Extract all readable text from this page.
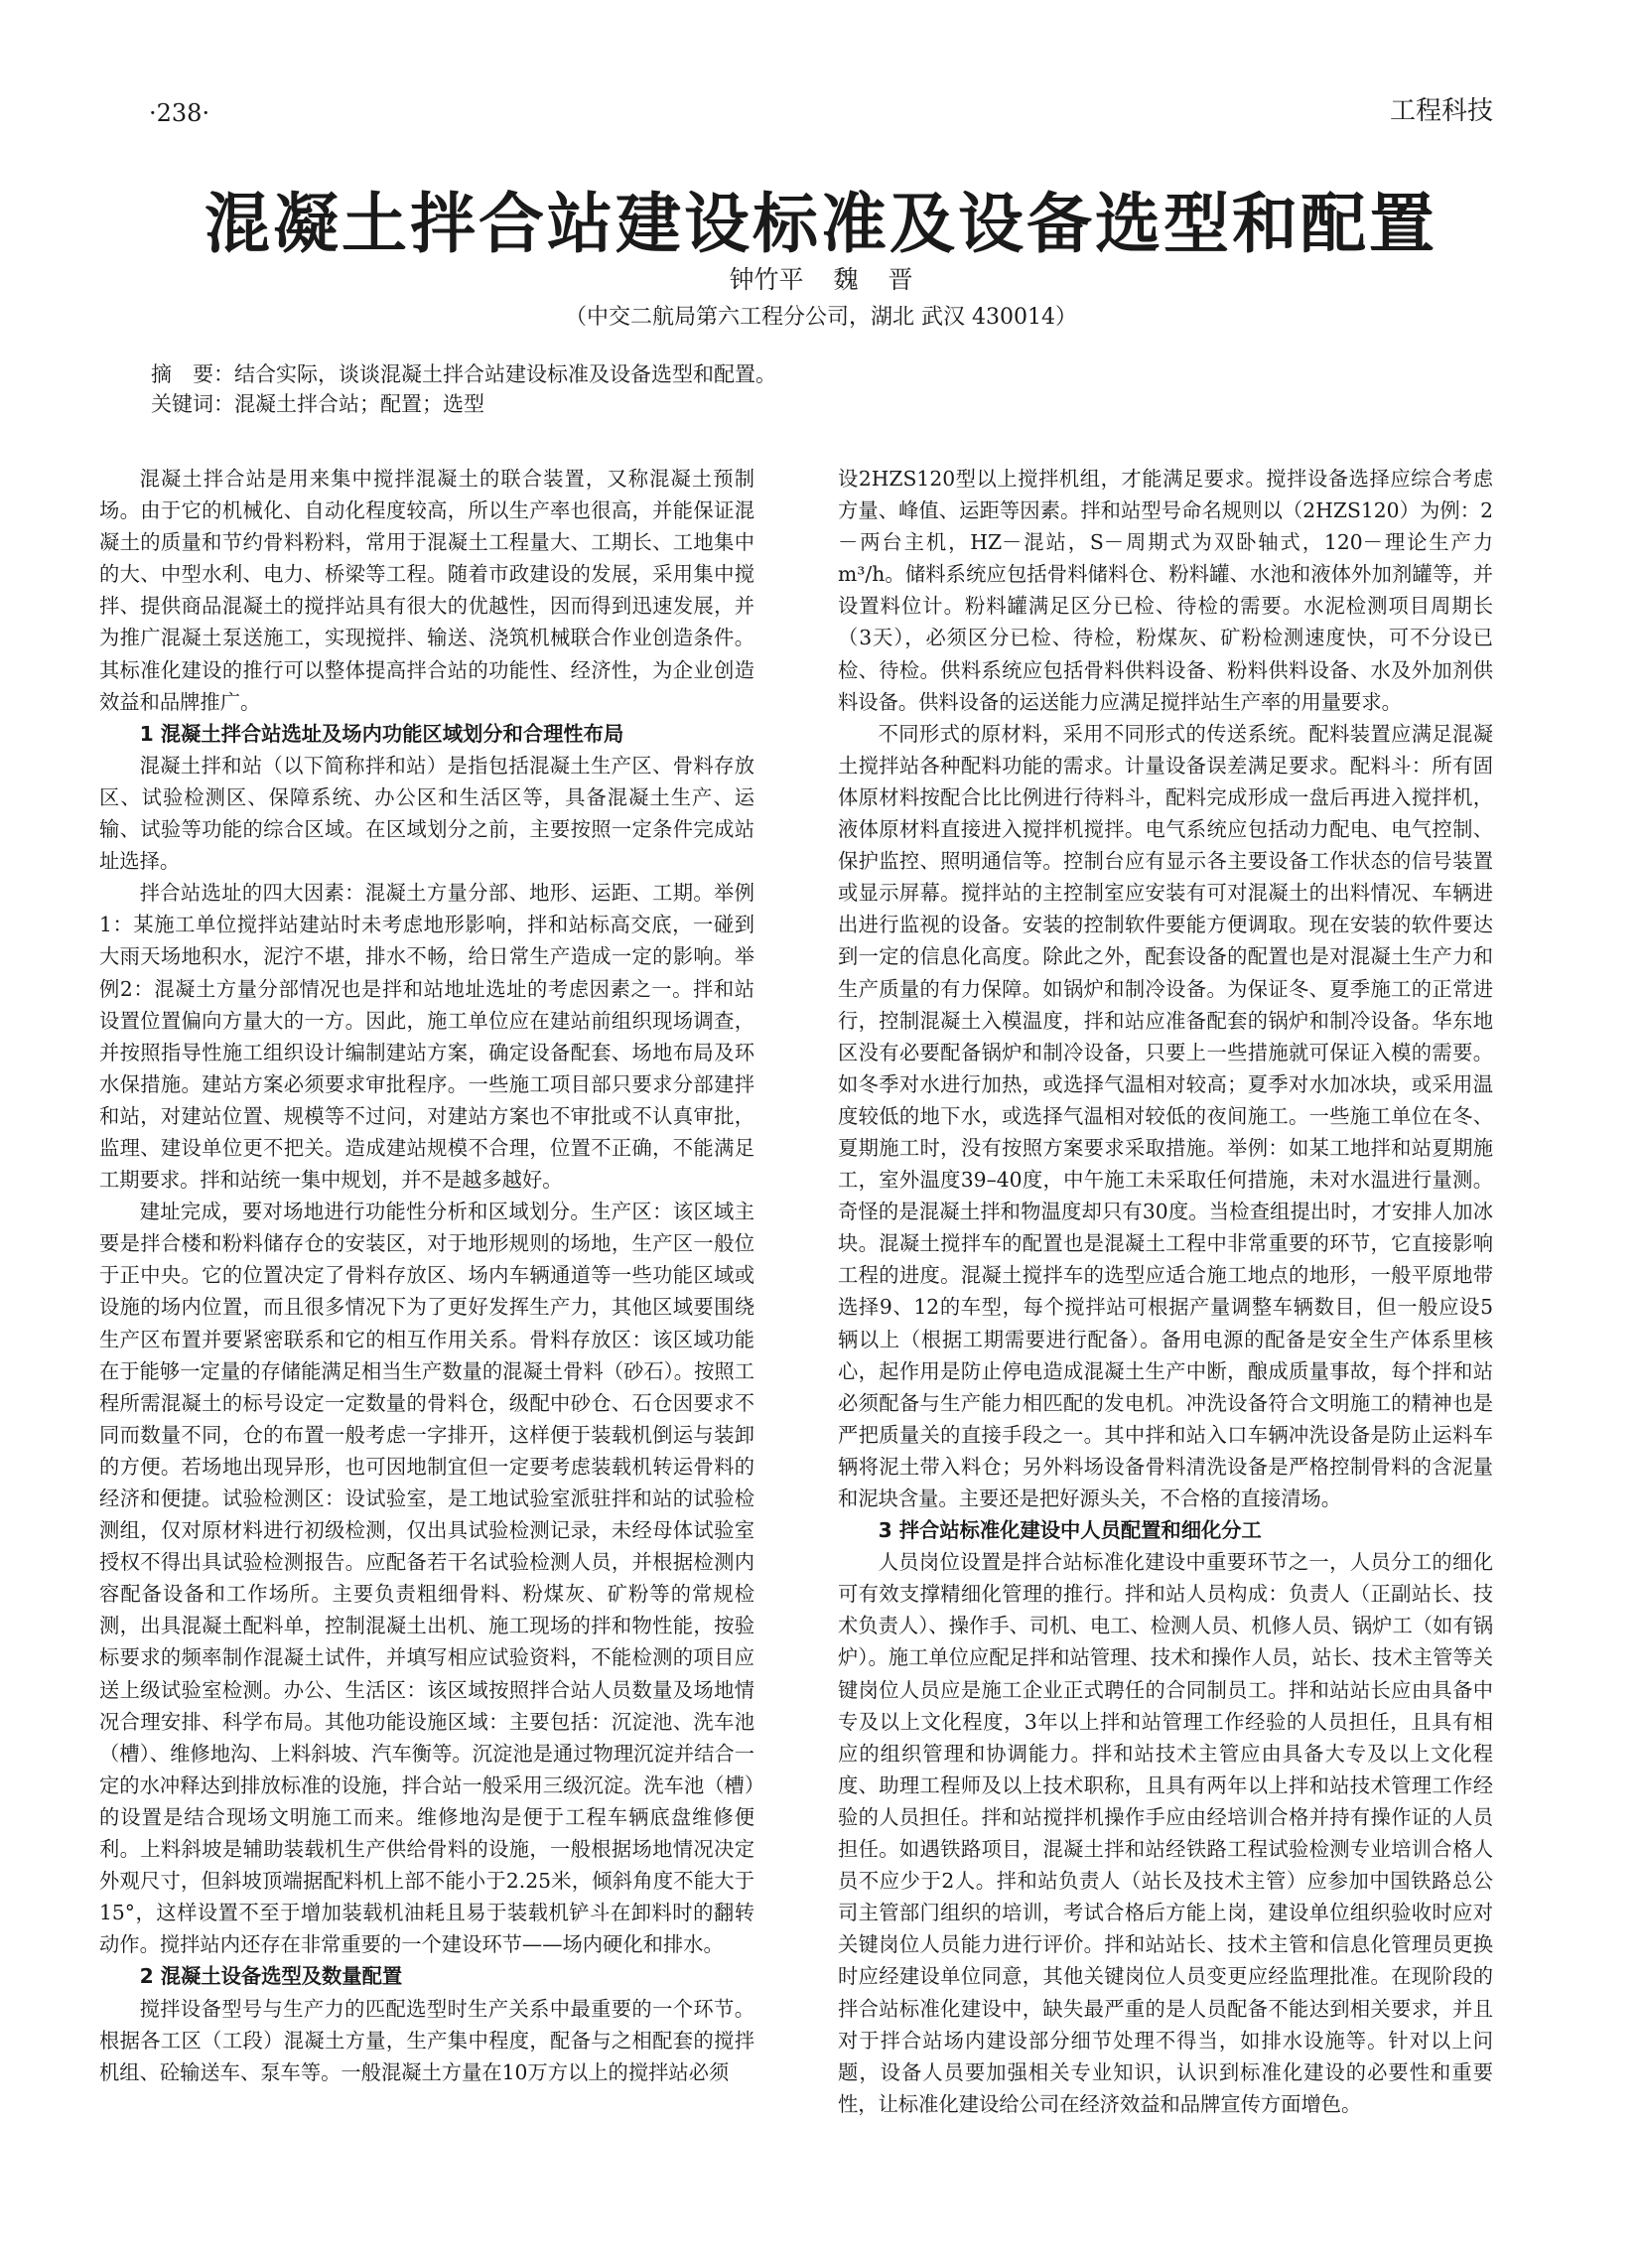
·238·	工程科技
混凝土拌合站建设标准及设备选型和配置
钟竹平 魏 晋
（中交二航局第六工程分公司，湖北 武汉 430014）
摘　要：结合实际，谈谈混凝土拌合站建设标准及设备选型和配置。
关键词：混凝土拌合站；配置；选型

混凝土拌合站是用来集中搅拌混凝土的联合装置，又称混凝土预制场。由于它的机械化、自动化程度较高，所以生产率也很高，并能保证混凝土的质量和节约骨料粉料，常用于混凝土工程量大、工期长、工地集中的大、中型水利、电力、桥梁等工程。随着市政建设的发展，采用集中搅拌、提供商品混凝土的搅拌站具有很大的优越性，因而得到迅速发展，并为推广混凝土泵送施工，实现搅拌、输送、浇筑机械联合作业创造条件。其标准化建设的推行可以整体提高拌合站的功能性、经济性，为企业创造效益和品牌推广。

1 混凝土拌合站选址及场内功能区域划分和合理性布局

混凝土拌和站（以下简称拌和站）是指包括混凝土生产区、骨料存放区、试验检测区、保障系统、办公区和生活区等，具备混凝土生产、运输、试验等功能的综合区域。在区域划分之前，主要按照一定条件完成站址选择。

拌合站选址的四大因素：混凝土方量分部、地形、运距、工期。举例1：某施工单位搅拌站建站时未考虑地形影响，拌和站标高交底，一碰到大雨天场地积水，泥泞不堪，排水不畅，给日常生产造成一定的影响。举例2：混凝土方量分部情况也是拌和站地址选址的考虑因素之一。拌和站设置位置偏向方量大的一方。因此，施工单位应在建站前组织现场调查，并按照指导性施工组织设计编制建站方案，确定设备配套、场地布局及环水保措施。建站方案必须要求审批程序。一些施工项目部只要求分部建拌和站，对建站位置、规模等不过问，对建站方案也不审批或不认真审批，监理、建设单位更不把关。造成建站规模不合理，位置不正确，不能满足工期要求。拌和站统一集中规划，并不是越多越好。

建址完成，要对场地进行功能性分析和区域划分。生产区：该区域主要是拌合楼和粉料储存仓的安装区，对于地形规则的场地，生产区一般位于正中央。它的位置决定了骨料存放区、场内车辆通道等一些功能区域或设施的场内位置，而且很多情况下为了更好发挥生产力，其他区域要围绕生产区布置并要紧密联系和它的相互作用关系。骨料存放区：该区域功能在于能够一定量的存储能满足相当生产数量的混凝土骨料（砂石）。按照工程所需混凝土的标号设定一定数量的骨料仓，级配中砂仓、石仓因要求不同而数量不同，仓的布置一般考虑一字排开，这样便于装载机倒运与装卸的方便。若场地出现异形，也可因地制宜但一定要考虑装载机转运骨料的经济和便捷。试验检测区：设试验室，是工地试验室派驻拌和站的试验检测组，仅对原材料进行初级检测，仅出具试验检测记录，未经母体试验室授权不得出具试验检测报告。应配备若干名试验检测人员，并根据检测内容配备设备和工作场所。主要负责粗细骨料、粉煤灰、矿粉等的常规检测，出具混凝土配料单，控制混凝土出机、施工现场的拌和物性能，按验标要求的频率制作混凝土试件，并填写相应试验资料，不能检测的项目应送上级试验室检测。办公、生活区：该区域按照拌合站人员数量及场地情况合理安排、科学布局。其他功能设施区域：主要包括：沉淀池、洗车池（槽）、维修地沟、上料斜坡、汽车衡等。沉淀池是通过物理沉淀并结合一定的水冲释达到排放标准的设施，拌合站一般采用三级沉淀。洗车池（槽）的设置是结合现场文明施工而来。维修地沟是便于工程车辆底盘维修便利。上料斜坡是辅助装载机生产供给骨料的设施，一般根据场地情况决定外观尺寸，但斜坡顶端据配料机上部不能小于2.25米，倾斜角度不能大于15°，这样设置不至于增加装载机油耗且易于装载机铲斗在卸料时的翻转动作。搅拌站内还存在非常重要的一个建设环节——场内硬化和排水。

2 混凝土设备选型及数量配置

搅拌设备型号与生产力的匹配选型时生产关系中最重要的一个环节。根据各工区（工段）混凝土方量，生产集中程度，配备与之相配套的搅拌机组、砼输送车、泵车等。一般混凝土方量在10万方以上的搅拌站必须

设2HZS120型以上搅拌机组，才能满足要求。搅拌设备选择应综合考虑方量、峰值、运距等因素。拌和站型号命名规则以（2HZS120）为例：2－两台主机，HZ－混站，S－周期式为双卧轴式，120－理论生产力m³/h。储料系统应包括骨料储料仓、粉料罐、水池和液体外加剂罐等，并设置料位计。粉料罐满足区分已检、待检的需要。水泥检测项目周期长（3天），必须区分已检、待检，粉煤灰、矿粉检测速度快，可不分设已检、待检。供料系统应包括骨料供料设备、粉料供料设备、水及外加剂供料设备。供料设备的运送能力应满足搅拌站生产率的用量要求。

不同形式的原材料，采用不同形式的传送系统。配料装置应满足混凝土搅拌站各种配料功能的需求。计量设备误差满足要求。配料斗：所有固体原材料按配合比比例进行待料斗，配料完成形成一盘后再进入搅拌机，液体原材料直接进入搅拌机搅拌。电气系统应包括动力配电、电气控制、保护监控、照明通信等。控制台应有显示各主要设备工作状态的信号装置或显示屏幕。搅拌站的主控制室应安装有可对混凝土的出料情况、车辆进出进行监视的设备。安装的控制软件要能方便调取。现在安装的软件要达到一定的信息化高度。除此之外，配套设备的配置也是对混凝土生产力和生产质量的有力保障。如锅炉和制冷设备。为保证冬、夏季施工的正常进行，控制混凝土入模温度，拌和站应准备配套的锅炉和制冷设备。华东地区没有必要配备锅炉和制冷设备，只要上一些措施就可保证入模的需要。如冬季对水进行加热，或选择气温相对较高；夏季对水加冰块，或采用温度较低的地下水，或选择气温相对较低的夜间施工。一些施工单位在冬、夏期施工时，没有按照方案要求采取措施。举例：如某工地拌和站夏期施工，室外温度39–40度，中午施工未采取任何措施，未对水温进行量测。奇怪的是混凝土拌和物温度却只有30度。当检查组提出时，才安排人加冰块。混凝土搅拌车的配置也是混凝土工程中非常重要的环节，它直接影响工程的进度。混凝土搅拌车的选型应适合施工地点的地形，一般平原地带选择9、12的车型，每个搅拌站可根据产量调整车辆数目，但一般应设5辆以上（根据工期需要进行配备）。备用电源的配备是安全生产体系里核心，起作用是防止停电造成混凝土生产中断，酿成质量事故，每个拌和站必须配备与生产能力相匹配的发电机。冲洗设备符合文明施工的精神也是严把质量关的直接手段之一。其中拌和站入口车辆冲洗设备是防止运料车辆将泥土带入料仓；另外料场设备骨料清洗设备是严格控制骨料的含泥量和泥块含量。主要还是把好源头关，不合格的直接清场。

3 拌合站标准化建设中人员配置和细化分工

人员岗位设置是拌合站标准化建设中重要环节之一，人员分工的细化可有效支撑精细化管理的推行。拌和站人员构成：负责人（正副站长、技术负责人）、操作手、司机、电工、检测人员、机修人员、锅炉工（如有锅炉）。施工单位应配足拌和站管理、技术和操作人员，站长、技术主管等关键岗位人员应是施工企业正式聘任的合同制员工。拌和站站长应由具备中专及以上文化程度，3年以上拌和站管理工作经验的人员担任，且具有相应的组织管理和协调能力。拌和站技术主管应由具备大专及以上文化程度、助理工程师及以上技术职称，且具有两年以上拌和站技术管理工作经验的人员担任。拌和站搅拌机操作手应由经培训合格并持有操作证的人员担任。如遇铁路项目，混凝土拌和站经铁路工程试验检测专业培训合格人员不应少于2人。拌和站负责人（站长及技术主管）应参加中国铁路总公司主管部门组织的培训，考试合格后方能上岗，建设单位组织验收时应对关键岗位人员能力进行评价。拌和站站长、技术主管和信息化管理员更换时应经建设单位同意，其他关键岗位人员变更应经监理批准。在现阶段的拌合站标准化建设中，缺失最严重的是人员配备不能达到相关要求，并且对于拌合站场内建设部分细节处理不得当，如排水设施等。针对以上问题，设备人员要加强相关专业知识，认识到标准化建设的必要性和重要性，让标准化建设给公司在经济效益和品牌宣传方面增色。
